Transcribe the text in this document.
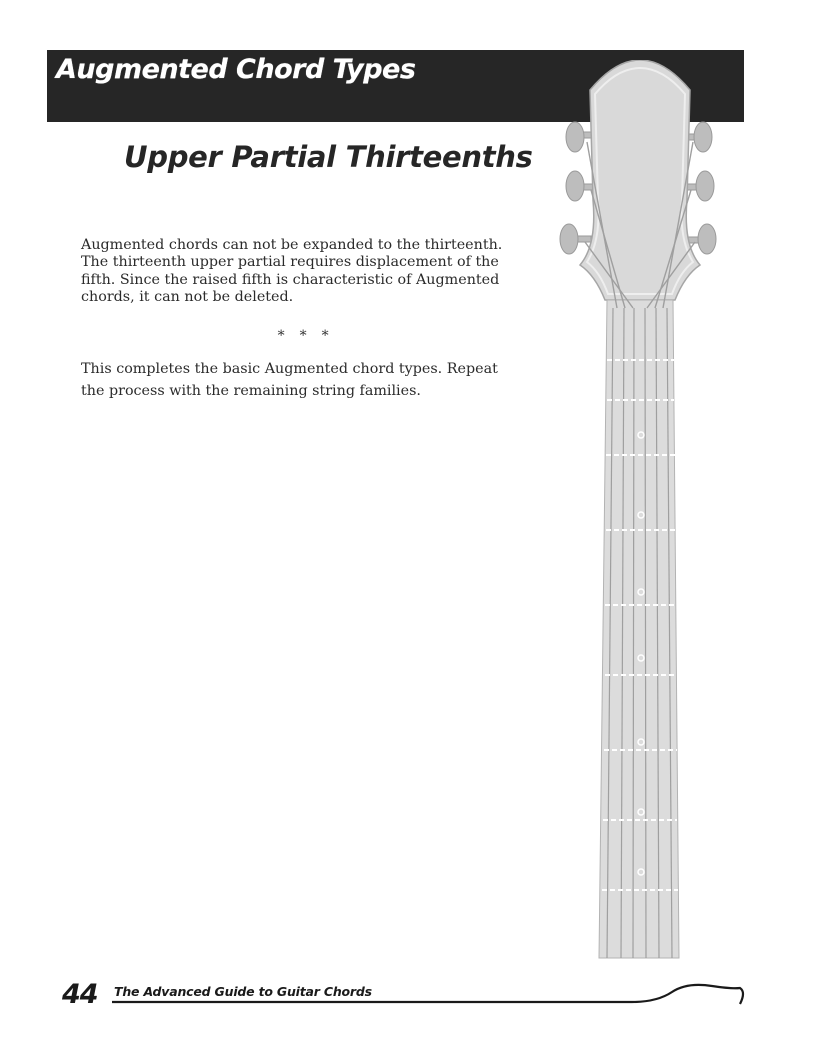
Augmented Chord Types
Upper Partial Thirteenths

Augmented chords can not be expanded to the thirteenth. The thirteenth upper partial requires displacement of the fifth. Since the raised fifth is characteristic of Augmented chords, it can not be deleted.

∗ ∗ ∗

This completes the basic Augmented chord types. Repeat the process with the remaining string families.

44 The Advanced Guide to Guitar Chords
